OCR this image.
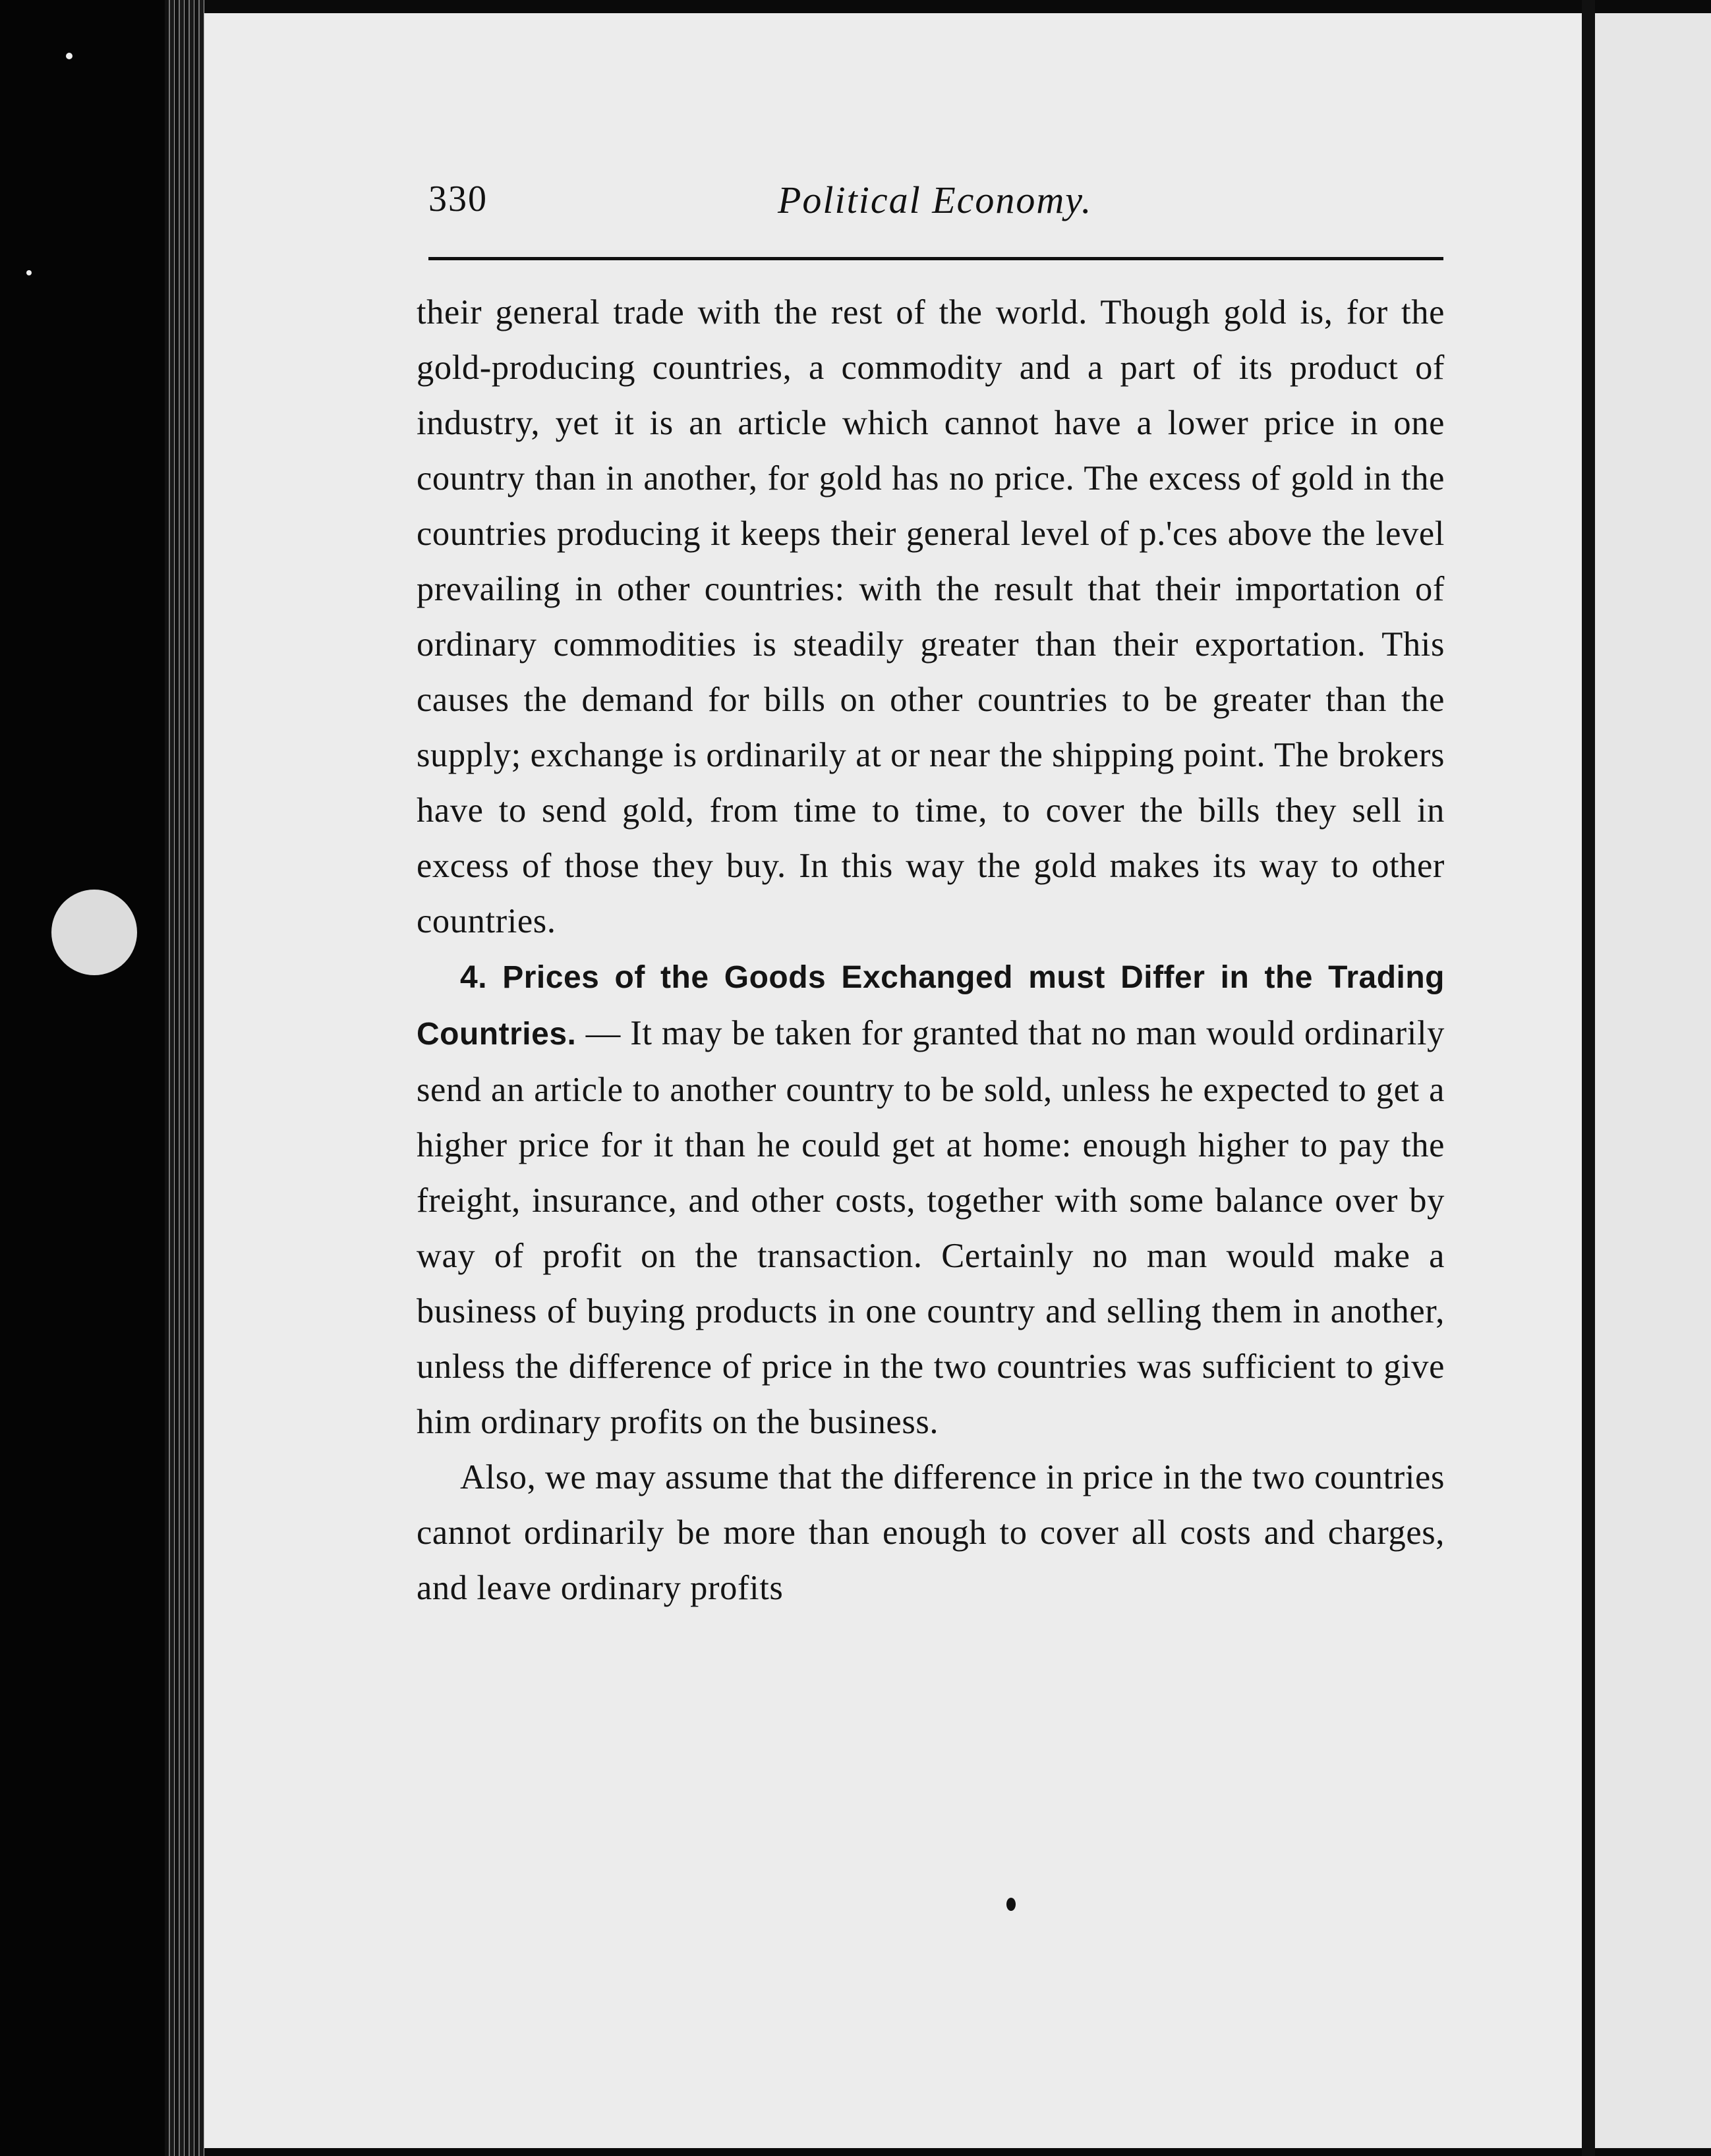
330	Political Economy.

their general trade with the rest of the world. Though gold is, for the gold-producing countries, a commodity and a part of its product of industry, yet it is an article which cannot have a lower price in one country than in another, for gold has no price. The excess of gold in the countries producing it keeps their general level of p.'ces above the level prevailing in other countries: with the result that their importation of ordinary commodities is steadily greater than their exportation. This causes the demand for bills on other countries to be greater than the supply; exchange is ordinarily at or near the shipping point. The brokers have to send gold, from time to time, to cover the bills they sell in excess of those they buy. In this way the gold makes its way to other countries.

4. Prices of the Goods Exchanged must Differ in the Trading Countries. — It may be taken for granted that no man would ordinarily send an article to another country to be sold, unless he expected to get a higher price for it than he could get at home: enough higher to pay the freight, insurance, and other costs, together with some balance over by way of profit on the transaction. Certainly no man would make a business of buying products in one country and selling them in another, unless the difference of price in the two countries was sufficient to give him ordinary profits on the business.

Also, we may assume that the difference in price in the two countries cannot ordinarily be more than enough to cover all costs and charges, and leave ordinary profits
